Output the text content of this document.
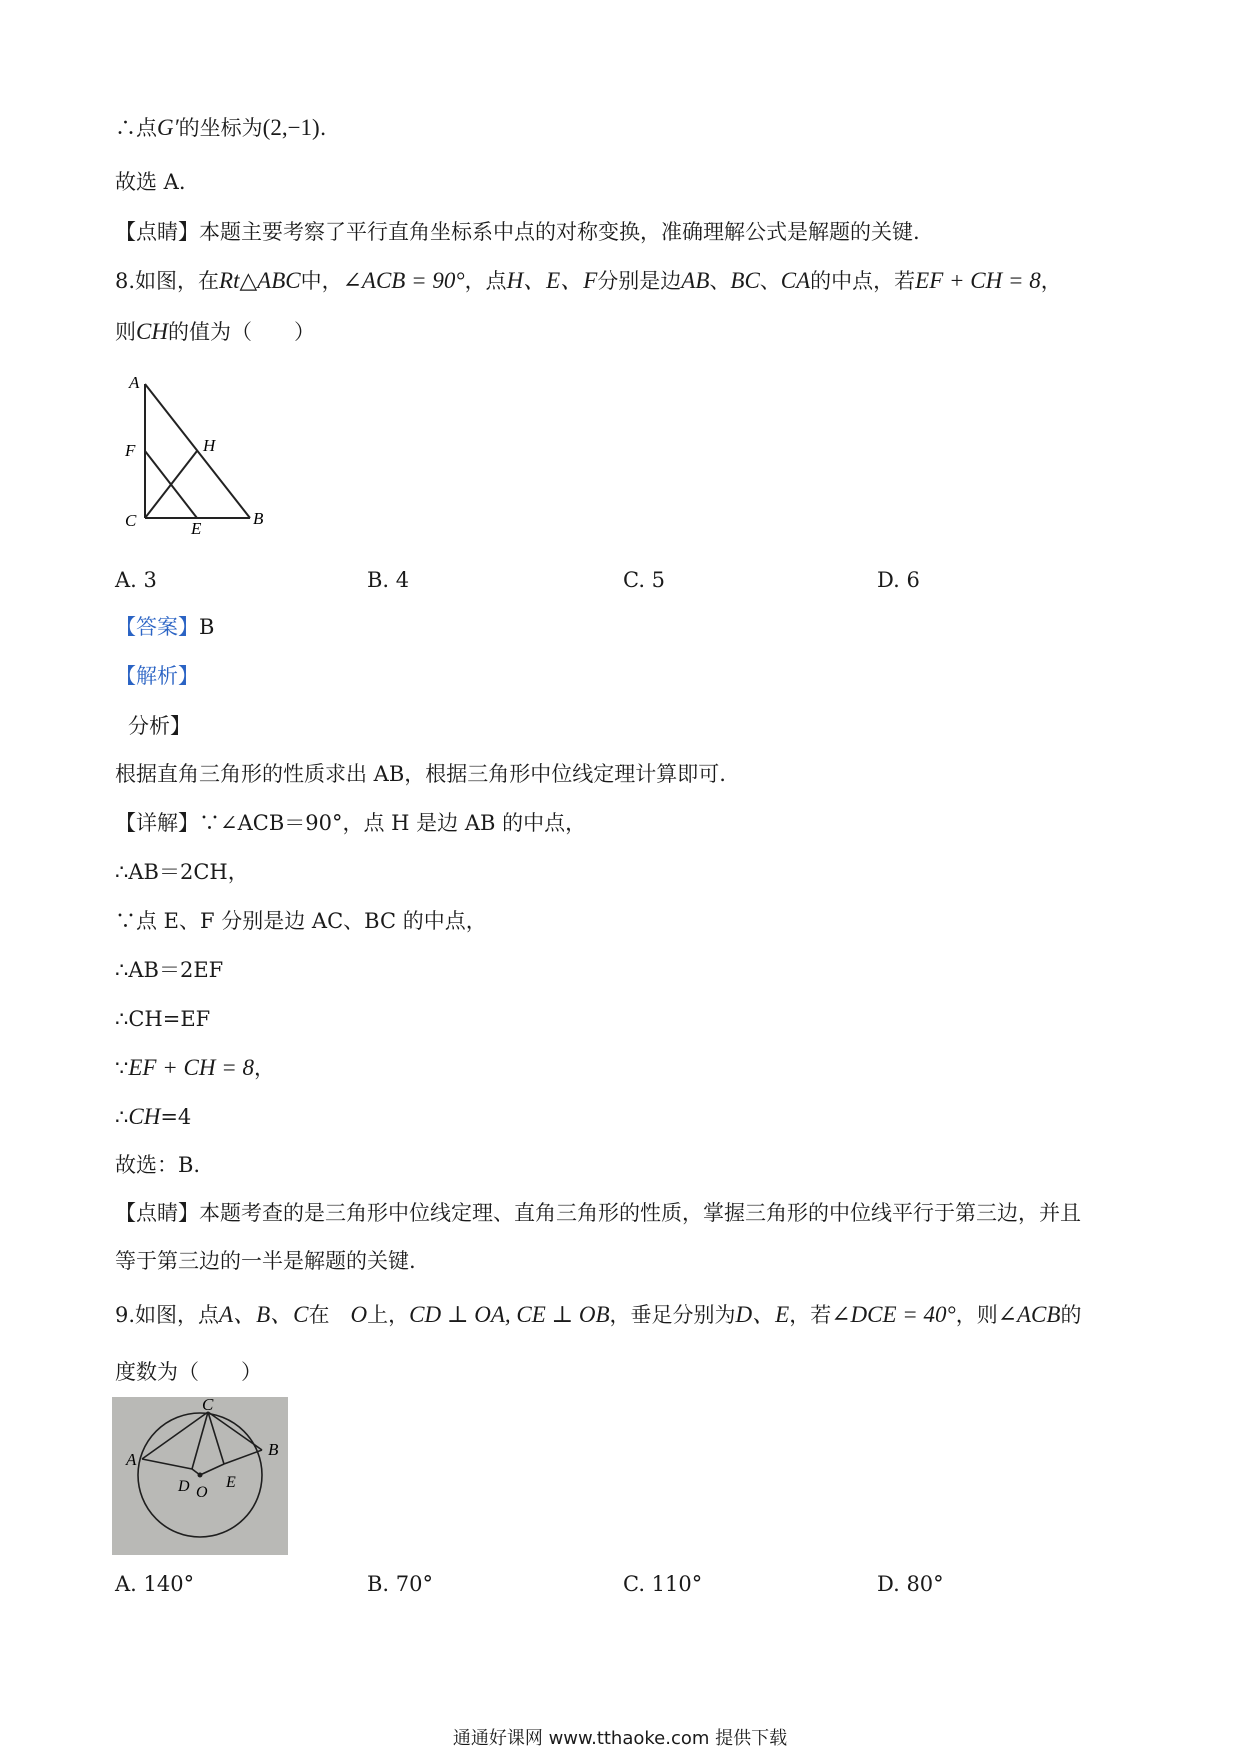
∴点G′的坐标为(2,−1).
故选 A.
【点睛】本题主要考察了平行直角坐标系中点的对称变换，准确理解公式是解题的关键.
8.如图，在Rt△ABC中，∠ACB = 90°，点H、E、F分别是边AB、BC、CA的中点，若EF + CH = 8，
则CH的值为（　　）
A
F	H
C	E
B
A. 3	B. 4	C. 5	D. 6
【答案】B
【解析】
分析】
根据直角三角形的性质求出 AB，根据三角形中位线定理计算即可.
【详解】∵∠ACB＝90°，点 H 是边 AB 的中点，
∴AB＝2CH，
∵点 E、F 分别是边 AC、BC 的中点，
∴AB＝2EF
∴CH=EF
∵EF + CH = 8，
∴CH=4
故选：B.
【点睛】本题考查的是三角形中位线定理、直角三角形的性质，掌握三角形的中位线平行于第三边，并且
等于第三边的一半是解题的关键.
9.如图，点A、B、C在　O上，CD ⊥ OA, CE ⊥ OB，垂足分别为D、E，若∠DCE = 40°，则∠ACB的
度数为（　　）
C
A
B
D E
O
A. 140°	B. 70°	C. 110°	D. 80°
通通好课网 www.tthaoke.com 提供下载
